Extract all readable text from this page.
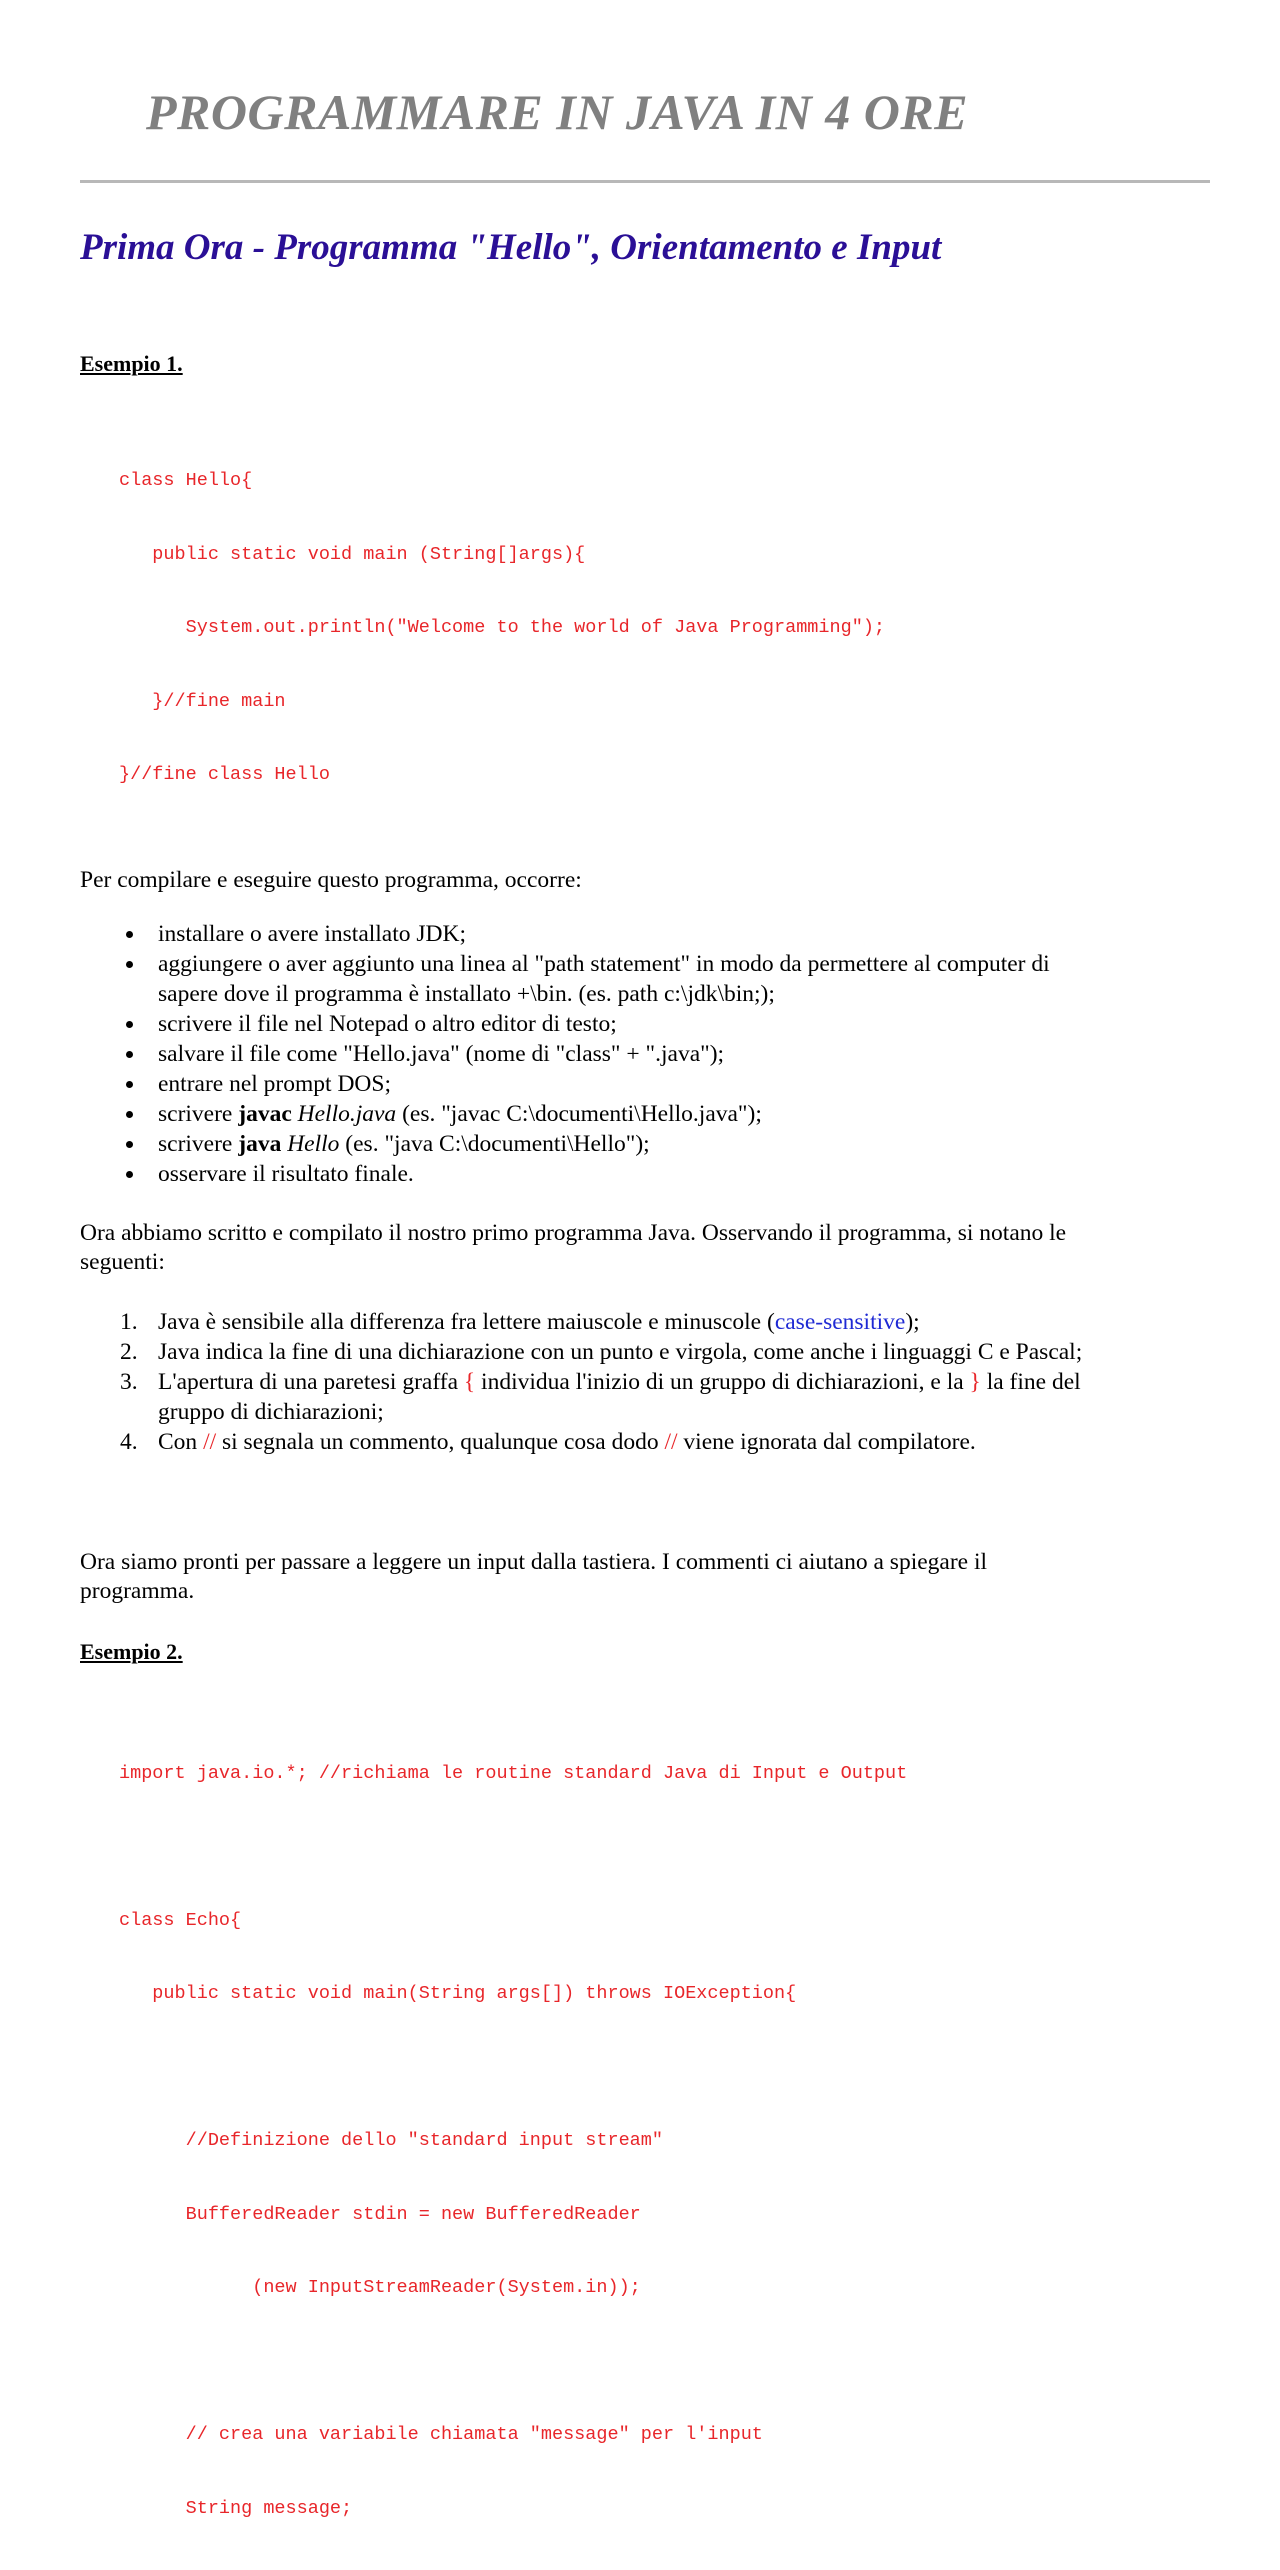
PROGRAMMARE IN JAVA IN 4 ORE
Prima Ora - Programma "Hello", Orientamento e Input
Esempio 1.

class Hello{

public static void main (String[]args){

System.out.println("Welcome to the world of Java Programming");

}//fine main

}//fine class Hello

Per compilare e eseguire questo programma, occorre:

installare o avere installato JDK;
aggiungere o aver aggiunto una linea al "path statement" in modo da permettere al computer di
sapere dove il programma è installato +\bin. (es. path c:\jdk\bin;);
scrivere il file nel Notepad o altro editor di testo;
salvare il file come "Hello.java" (nome di "class" + ".java");
entrare nel prompt DOS;
scrivere javac Hello.java (es. "javac C:\documenti\Hello.java");
scrivere java Hello (es. "java C:\documenti\Hello");
osservare il risultato finale.

Ora abbiamo scritto e compilato il nostro primo programma Java. Osservando il programma, si notano le
seguenti:

1. Java è sensibile alla differenza fra lettere maiuscole e minuscole (case-sensitive);
2. Java indica la fine di una dichiarazione con un punto e virgola, come anche i linguaggi C e Pascal;
3. L'apertura di una paretesi graffa { individua l'inizio di un gruppo di dichiarazioni, e la } la fine del
gruppo di dichiarazioni;
4. Con // si segnala un commento, qualunque cosa dodo // viene ignorata dal compilatore.

Ora siamo pronti per passare a leggere un input dalla tastiera. I commenti ci aiutano a spiegare il
programma.

Esempio 2.

import java.io.*; //richiama le routine standard Java di Input e Output

class Echo{

public static void main(String args[]) throws IOException{

//Definizione dello "standard input stream"

BufferedReader stdin = new BufferedReader

(new InputStreamReader(System.in));

// crea una variabile chiamata "message" per l'input

String message;
